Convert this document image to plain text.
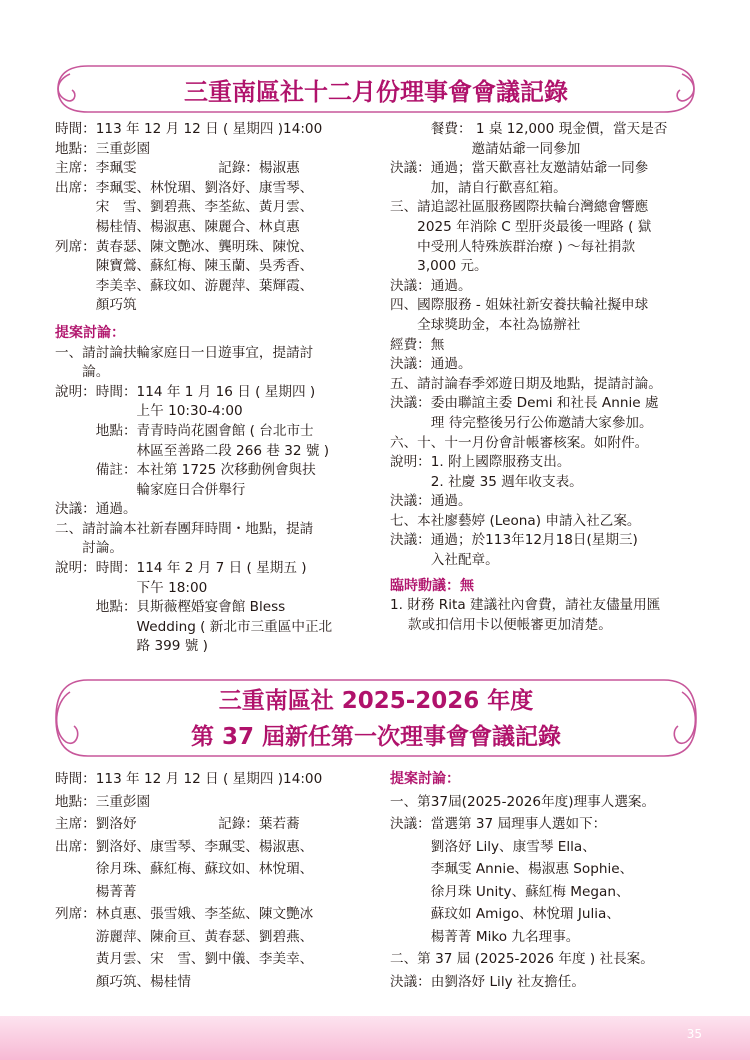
三重南區社十二月份理事會會議記錄
時間：113 年 12 月 12 日 ( 星期四 )14:00
地點：三重彭園
主席：李珮雯　　　　　　記錄：楊淑惠
出席：李珮雯、林悅瑂、劉洛妤、康雪琴、
　　　宋　雪、劉碧燕、李荃紘、黃月雲、
　　　楊桂情、楊淑惠、陳麗合、林貞惠
列席：黃春瑟、陳文艷冰、龔明珠、陳悅、
　　　陳寶鶯、蘇紅梅、陳玉蘭、吳秀香、
　　　李美幸、蘇玟如、游麗萍、葉輝霞、
　　　顏巧筑
提案討論：
一、請討論扶輪家庭日一日遊事宜，提請討
　　論。
說明：時間：114 年 1 月 16 日 ( 星期四 )
　　　　　　上午 10:30-4:00
　　　地點：青青時尚花園會館 ( 台北市士
　　　　　　林區至善路二段 266 巷 32 號 )
　　　備註：本社第 1725 次移動例會與扶
　　　　　　輪家庭日合併舉行
決議：通過。
二、請討論本社新春團拜時間・地點，提請
　　討論。
說明：時間：114 年 2 月 7 日 ( 星期五 )
　　　　　　下午 18:00
　　　地點：貝斯薇樫婚宴會館 Bless
　　　　　　Wedding ( 新北市三重區中正北
　　　　　　路 399 號 )
　　　餐費： 1 桌 12,000 現金價，當天是否
　　　　　　邀請姑爺一同參加
決議：通過；當天歡喜社友邀請姑爺一同參
　　　加，請自行歡喜紅箱。
三、請追認社區服務國際扶輪台灣總會響應
　　2025 年消除 C 型肝炎最後一哩路 ( 獄
　　中受刑人特殊族群治療 ) ～每社捐款
　　3,000 元。
決議：通過。
四、國際服務 - 姐妹社新安養扶輪社擬申球
　　全球獎助金，本社為協辦社
經費：無
決議：通過。
五、請討論春季郊遊日期及地點，提請討論。
決議：委由聯誼主委 Demi 和社長 Annie 處
　　　理 待完整後另行公佈邀請大家參加。
六、十、十一月份會計帳審核案。如附件。
說明：1. 附上國際服務支出。
　　　2. 社慶 35 週年收支表。
決議：通過。
七、本社廖藝婷 (Leona) 申請入社乙案。
決議：通過；於113年12月18日(星期三)
　　　入社配章。
臨時動議：無
1. 財務 Rita 建議社內會費，請社友儘量用匯
　 款或扣信用卡以便帳審更加清楚。
三重南區社 2025-2026 年度
第 37 屆新任第一次理事會會議記錄
時間：113 年 12 月 12 日 ( 星期四 )14:00
地點：三重彭園
主席：劉洛妤　　　　　　記錄：葉若蕎
出席：劉洛妤、康雪琴、李珮雯、楊淑惠、
　　　徐月珠、蘇紅梅、蘇玟如、林悅瑂、
　　　楊菁菁
列席：林貞惠、張雪娥、李荃紘、陳文艷冰
　　　游麗萍、陳俞亘、黃春瑟、劉碧燕、
　　　黃月雲、宋　雪、劉中儀、李美幸、
　　　顏巧筑、楊桂情
提案討論：
一、第37屆(2025-2026年度)理事人選案。
決議：當選第 37 屆理事人選如下：
　　　劉洛妤 Lily、康雪琴 Ella、
　　　李珮雯 Annie、楊淑惠 Sophie、
　　　徐月珠 Unity、蘇紅梅 Megan、
　　　蘇玟如 Amigo、林悅瑂 Julia、
　　　楊菁菁 Miko 九名理事。
二、第 37 屆 (2025-2026 年度 ) 社長案。
決議：由劉洛妤 Lily 社友擔任。
35
